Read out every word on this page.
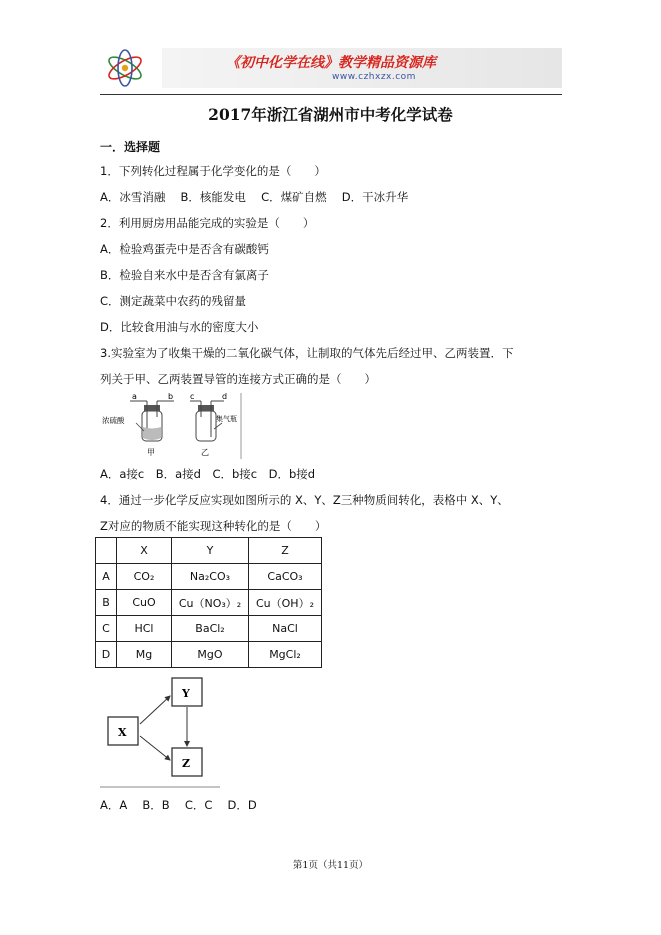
《初中化学在线》教学精品资源库
www.czhxzx.com
2017年浙江省湖州市中考化学试卷
一．选择题
1．下列转化过程属于化学变化的是（　　）
A．冰雪消融　 B．核能发电　 C．煤矿自燃　 D．干冰升华
2．利用厨房用品能完成的实验是（　　）
A．检验鸡蛋壳中是否含有碳酸钙
B．检验自来水中是否含有氯离子
C．测定蔬菜中农药的残留量
D．比较食用油与水的密度大小
3.实验室为了收集干燥的二氧化碳气体，让制取的气体先后经过甲、乙两装置．下
列关于甲、乙两装置导管的连接方式正确的是（　　）
a	b c	d
浓硫酸	集气瓶
甲	乙
A．a接c　B．a接d　C．b接c　D．b接d
4．通过一步化学反应实现如图所示的 X、Y、Z三种物质间转化，表格中 X、Y、
Z对应的物质不能实现这种转化的是（　　）
	X	Y	Z
A	CO₂	Na₂CO₃	CaCO₃
B	CuO	Cu（NO₃）₂	Cu（OH）₂
C	HCl	BaCl₂	NaCl
D	Mg	MgO	MgCl₂
X
Y
Z
A．A　 B．B　 C．C　 D．D
第1页（共11页）
